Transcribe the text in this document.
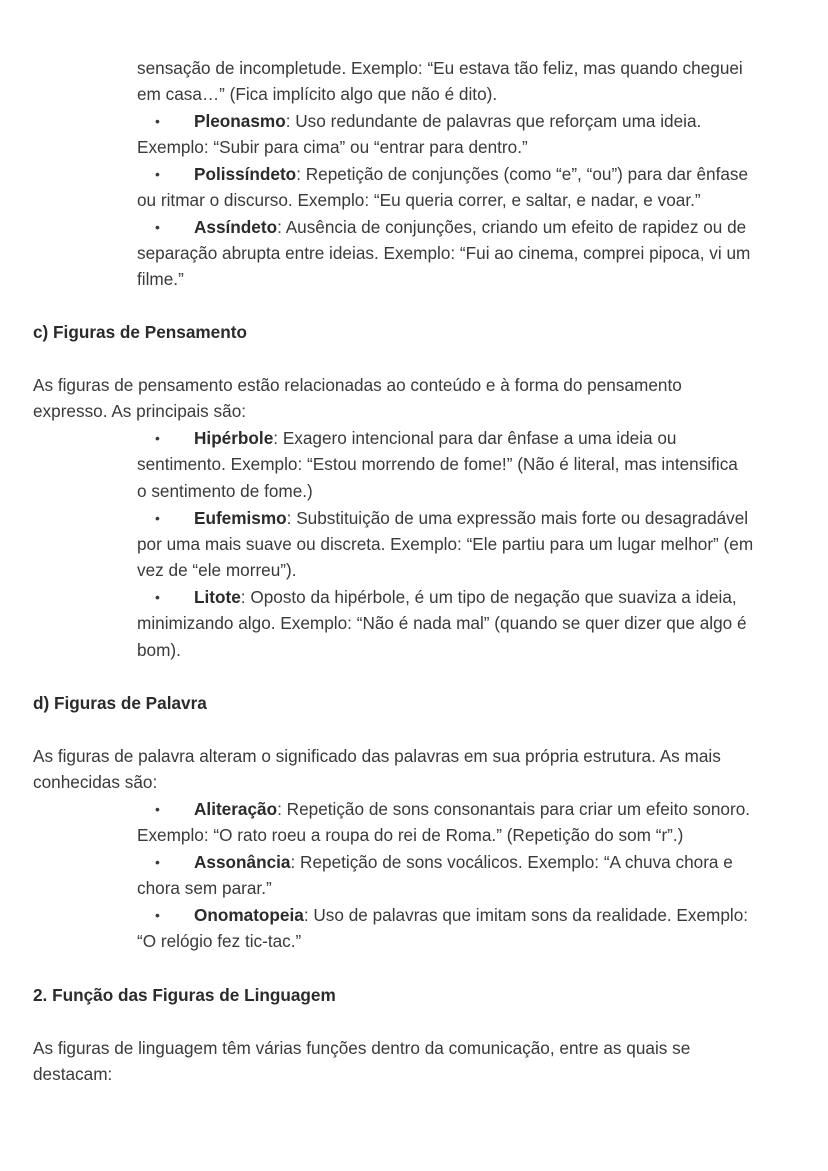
sensação de incompletude. Exemplo: “Eu estava tão feliz, mas quando cheguei
em casa…” (Fica implícito algo que não é dito).
• Pleonasmo: Uso redundante de palavras que reforçam uma ideia.
Exemplo: “Subir para cima” ou “entrar para dentro.”
• Polissíndeto: Repetição de conjunções (como “e”, “ou”) para dar ênfase
ou ritmar o discurso. Exemplo: “Eu queria correr, e saltar, e nadar, e voar.”
• Assíndeto: Ausência de conjunções, criando um efeito de rapidez ou de
separação abrupta entre ideias. Exemplo: “Fui ao cinema, comprei pipoca, vi um
filme.”
c) Figuras de Pensamento
As figuras de pensamento estão relacionadas ao conteúdo e à forma do pensamento
expresso. As principais são:
• Hipérbole: Exagero intencional para dar ênfase a uma ideia ou
sentimento. Exemplo: “Estou morrendo de fome!” (Não é literal, mas intensifica
o sentimento de fome.)
• Eufemismo: Substituição de uma expressão mais forte ou desagradável
por uma mais suave ou discreta. Exemplo: “Ele partiu para um lugar melhor” (em
vez de “ele morreu”).
• Litote: Oposto da hipérbole, é um tipo de negação que suaviza a ideia,
minimizando algo. Exemplo: “Não é nada mal” (quando se quer dizer que algo é
bom).
d) Figuras de Palavra
As figuras de palavra alteram o significado das palavras em sua própria estrutura. As mais
conhecidas são:
• Aliteração: Repetição de sons consonantais para criar um efeito sonoro.
Exemplo: “O rato roeu a roupa do rei de Roma.” (Repetição do som “r”.)
• Assonância: Repetição de sons vocálicos. Exemplo: “A chuva chora e
chora sem parar.”
• Onomatopeia: Uso de palavras que imitam sons da realidade. Exemplo:
“O relógio fez tic-tac.”
2. Função das Figuras de Linguagem
As figuras de linguagem têm várias funções dentro da comunicação, entre as quais se
destacam:
